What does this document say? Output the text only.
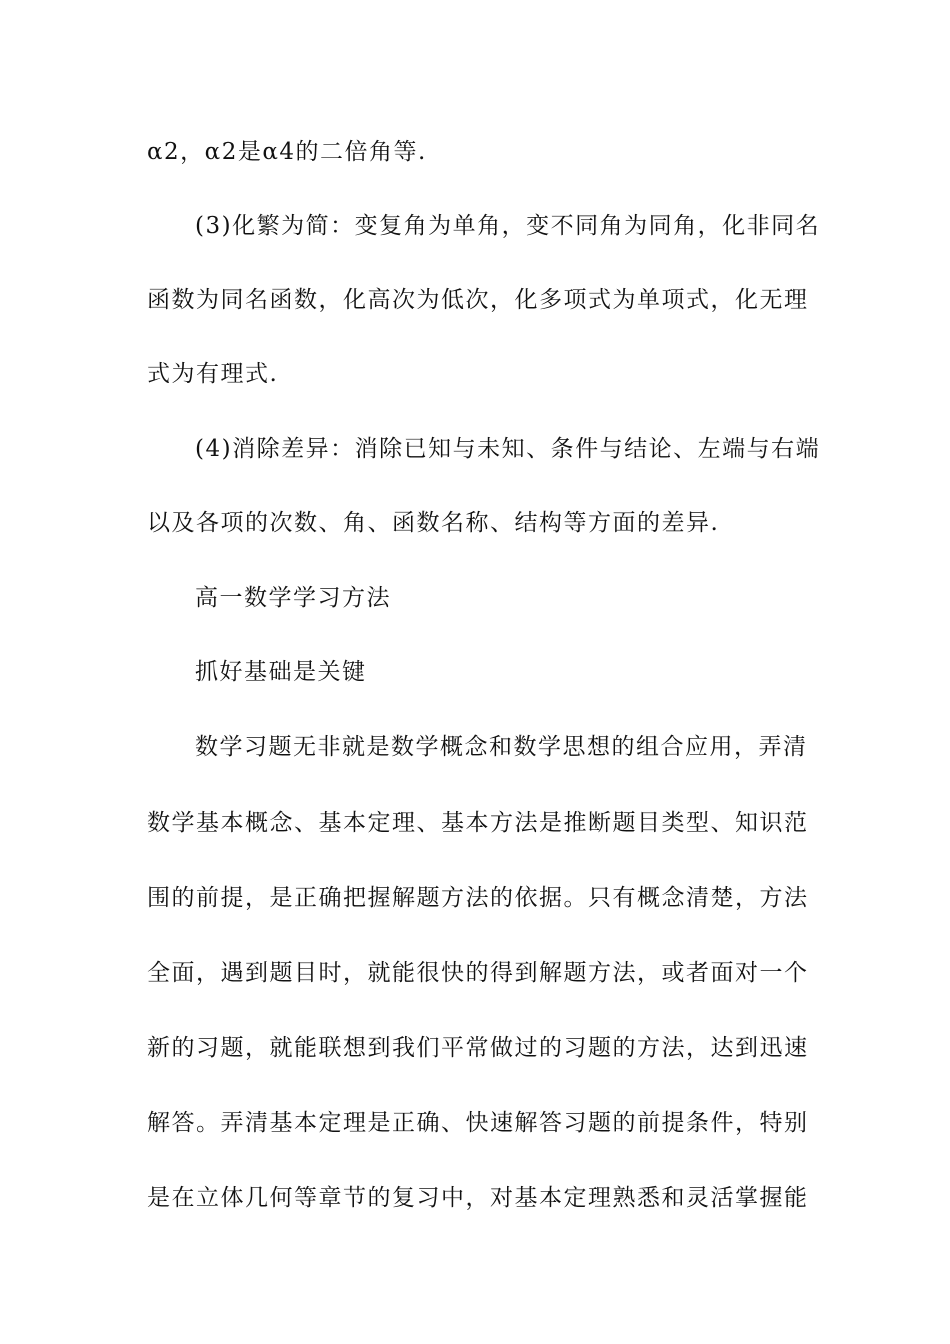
α2，α2是α4的二倍角等.
(3)化繁为简：变复角为单角，变不同角为同角，化非同名
函数为同名函数，化高次为低次，化多项式为单项式，化无理
式为有理式.
(4)消除差异：消除已知与未知、条件与结论、左端与右端
以及各项的次数、角、函数名称、结构等方面的差异.
高一数学学习方法
抓好基础是关键
数学习题无非就是数学概念和数学思想的组合应用，弄清
数学基本概念、基本定理、基本方法是推断题目类型、知识范
围的前提，是正确把握解题方法的依据。只有概念清楚，方法
全面，遇到题目时，就能很快的得到解题方法，或者面对一个
新的习题，就能联想到我们平常做过的习题的方法，达到迅速
解答。弄清基本定理是正确、快速解答习题的前提条件，特别
是在立体几何等章节的复习中，对基本定理熟悉和灵活掌握能
